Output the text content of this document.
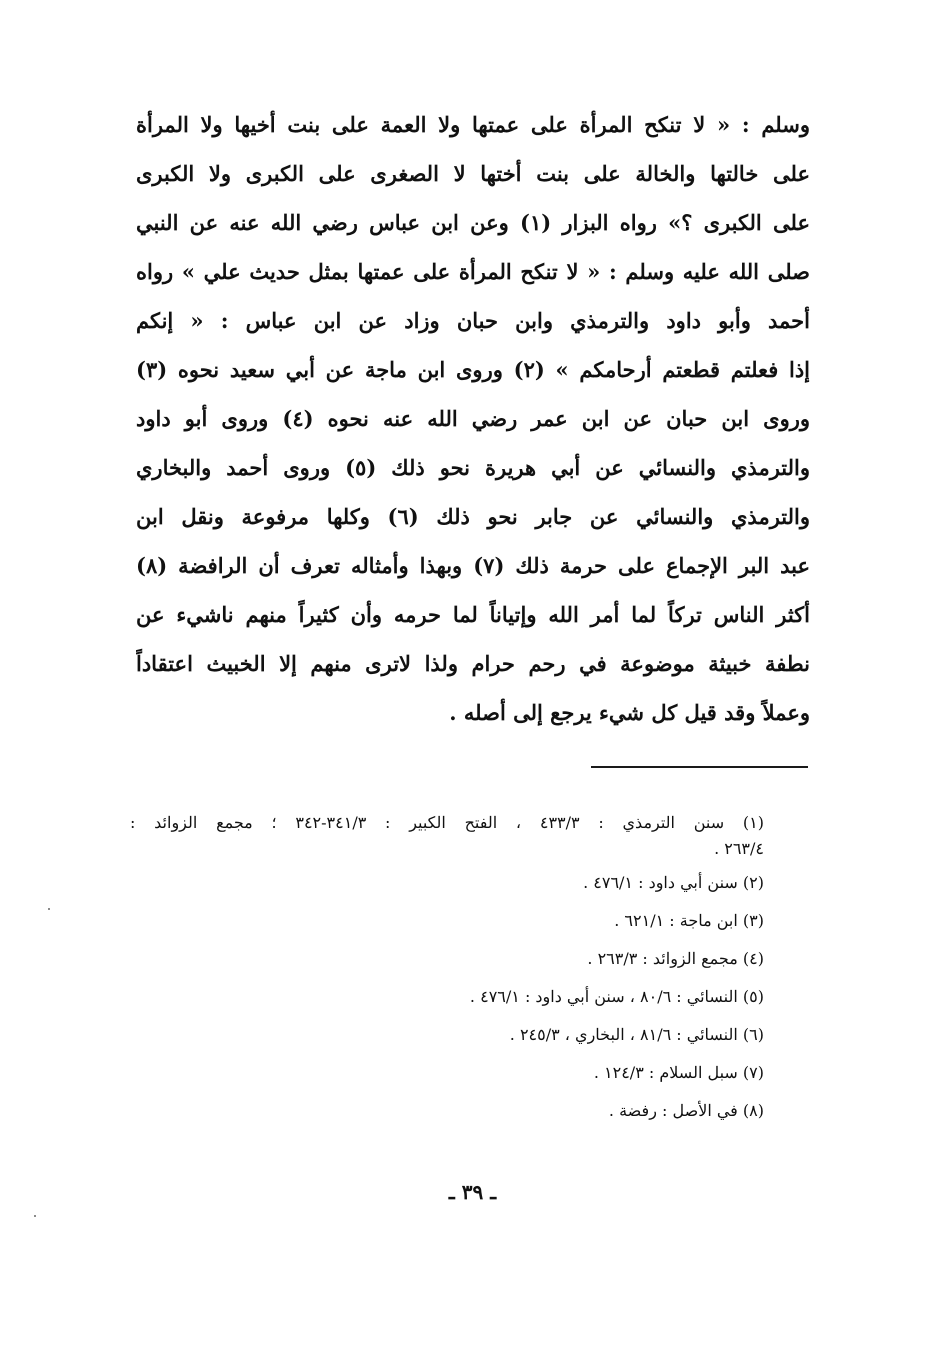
وسلم : « لا تنكح المرأة على عمتها ولا العمة على بنت أخيها ولا المرأة
على خالتها والخالة على بنت أختها لا الصغرى على الكبرى ولا الكبرى
على الكبرى ؟» رواه البزار (١) وعن ابن عباس رضي الله عنه عن النبي
صلى الله عليه وسلم : « لا تنكح المرأة على عمتها بمثل حديث علي » رواه
أحمد وأبو داود والترمذي وابن حبان وزاد عن ابن عباس : « إنكم
إذا فعلتم قطعتم أرحامكم » (٢) وروى ابن ماجة عن أبي سعيد نحوه (٣)
وروى ابن حبان عن ابن عمر رضي الله عنه نحوه (٤) وروى أبو داود
والترمذي والنسائي عن أبي هريرة نحو ذلك (٥) وروى أحمد والبخاري
والترمذي والنسائي عن جابر نحو ذلك (٦) وكلها مرفوعة ونقل ابن
عبد البر الإجماع على حرمة ذلك (٧) وبهذا وأمثاله تعرف أن الرافضة (٨)
أكثر الناس تركاً لما أمر الله وإتياناً لما حرمه وأن كثيراً منهم ناشيء عن
نطفة خبيثة موضوعة في رحم حرام ولذا لاترى منهم إلا الخبيث اعتقاداً
وعملاً وقد قيل كل شيء يرجع إلى أصله .
(١) سنن الترمذي : ٤٣٣/٣ ، الفتح الكبير : ٣٤١/٣-٣٤٢ ؛ مجمع الزوائد :
٢٦٣/٤ .
(٢) سنن أبي داود : ٤٧٦/١ .
(٣) ابن ماجة : ٦٢١/١ .
(٤) مجمع الزوائد : ٢٦٣/٣ .
(٥) النسائي : ٨٠/٦ ، سنن أبي داود : ٤٧٦/١ .
(٦) النسائي : ٨١/٦ ، البخاري ، ٢٤٥/٣ .
(٧) سبل السلام : ١٢٤/٣ .
(٨) في الأصل : رفضة .
ـ ٣٩ ـ
